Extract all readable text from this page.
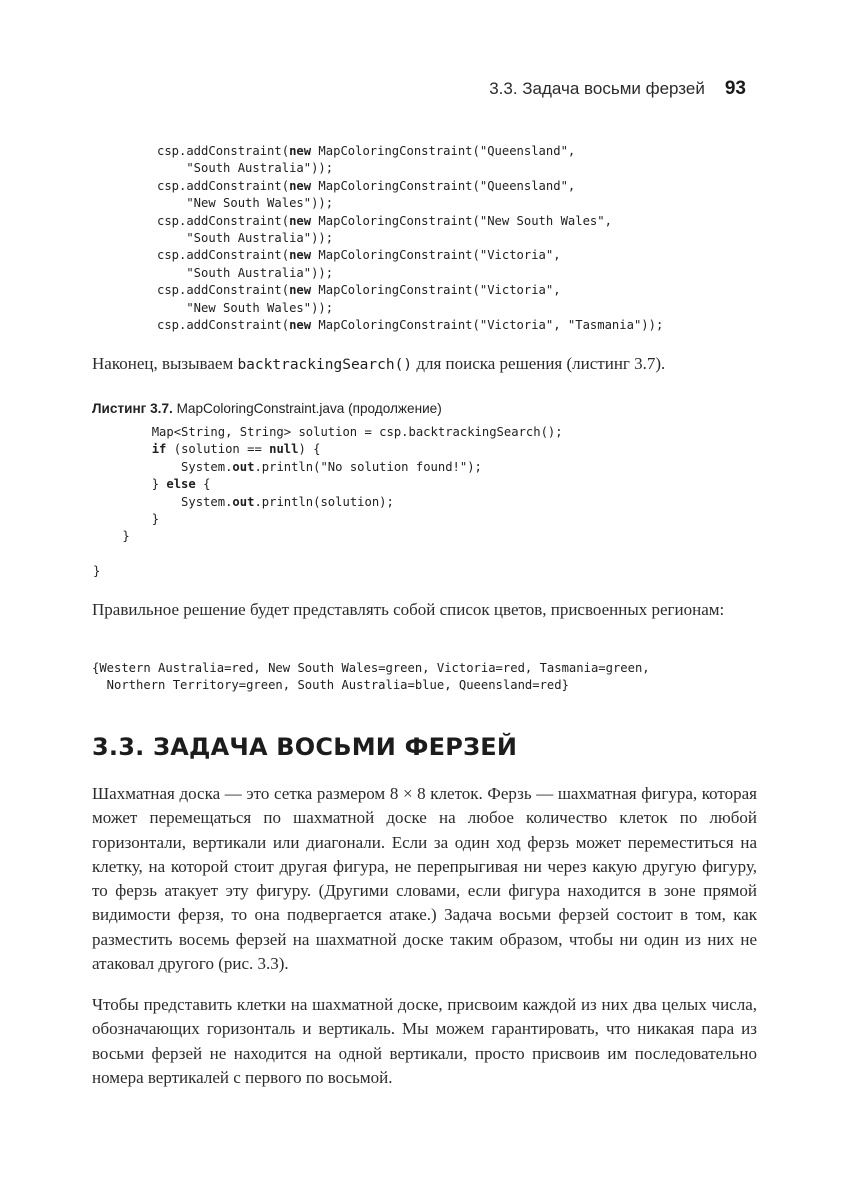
3.3. Задача восьми ферзей 93
csp.addConstraint(new MapColoringConstraint("Queensland",
"South Australia"));
csp.addConstraint(new MapColoringConstraint("Queensland",
"New South Wales"));
csp.addConstraint(new MapColoringConstraint("New South Wales",
"South Australia"));
csp.addConstraint(new MapColoringConstraint("Victoria",
"South Australia"));
csp.addConstraint(new MapColoringConstraint("Victoria",
"New South Wales"));
csp.addConstraint(new MapColoringConstraint("Victoria", "Tasmania"));

Наконец, вызываем backtrackingSearch() для поиска решения (листинг 3.7).

Листинг 3.7. MapColoringConstraint.java (продолжение)

Map<String, String> solution = csp.backtrackingSearch();
if (solution == null) {
System.out.println("No solution found!");
} else {
System.out.println(solution);
}
}

}

Правильное решение будет представлять собой список цветов, присвоенных регионам:

{Western Australia=red, New South Wales=green, Victoria=red, Tasmania=green,
Northern Territory=green, South Australia=blue, Queensland=red}
3.3. ЗАДАЧА ВОСЬМИ ФЕРЗЕЙ

Шахматная доска — это сетка размером 8 × 8 клеток. Ферзь — шахматная фигура, которая может перемещаться по шахматной доске на любое количество клеток по любой горизонтали, вертикали или диагонали. Если за один ход ферзь может переместиться на клетку, на которой стоит другая фигура, не перепрыгивая ни через какую другую фигуру, то ферзь атакует эту фигуру. (Другими словами, если фигура находится в зоне прямой видимости ферзя, то она подвергается атаке.) Задача восьми ферзей состоит в том, как разместить восемь ферзей на шахматной доске таким образом, чтобы ни один из них не атаковал другого (рис. 3.3).

Чтобы представить клетки на шахматной доске, присвоим каждой из них два целых числа, обозначающих горизонталь и вертикаль. Мы можем гарантировать, что никакая пара из восьми ферзей не находится на одной вертикали, просто присвоив им последовательно номера вертикалей с первого по восьмой.
